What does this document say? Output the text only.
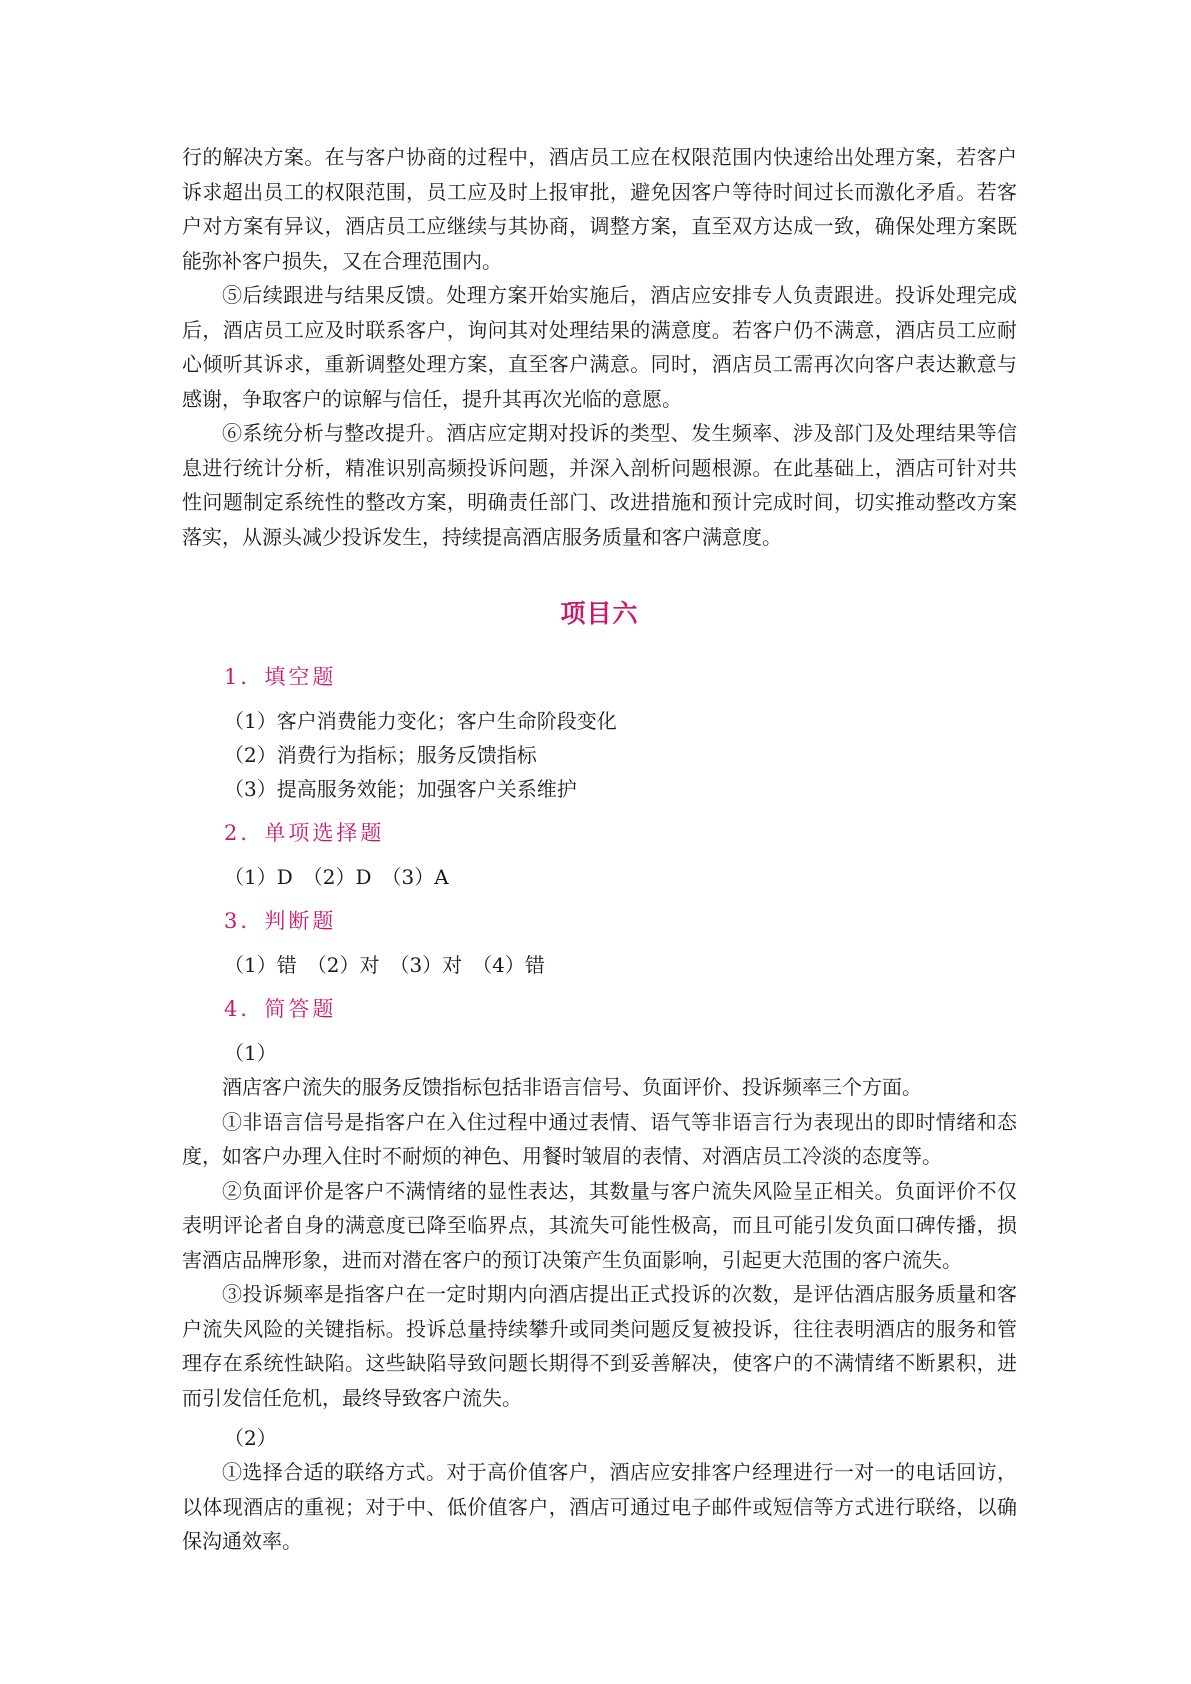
行的解决方案。在与客户协商的过程中，酒店员工应在权限范围内快速给出处理方案，若客户诉求超出员工的权限范围，员工应及时上报审批，避免因客户等待时间过长而激化矛盾。若客户对方案有异议，酒店员工应继续与其协商，调整方案，直至双方达成一致，确保处理方案既能弥补客户损失，又在合理范围内。

⑤后续跟进与结果反馈。处理方案开始实施后，酒店应安排专人负责跟进。投诉处理完成后，酒店员工应及时联系客户，询问其对处理结果的满意度。若客户仍不满意，酒店员工应耐心倾听其诉求，重新调整处理方案，直至客户满意。同时，酒店员工需再次向客户表达歉意与感谢，争取客户的谅解与信任，提升其再次光临的意愿。

⑥系统分析与整改提升。酒店应定期对投诉的类型、发生频率、涉及部门及处理结果等信息进行统计分析，精准识别高频投诉问题，并深入剖析问题根源。在此基础上，酒店可针对共性问题制定系统性的整改方案，明确责任部门、改进措施和预计完成时间，切实推动整改方案落实，从源头减少投诉发生，持续提高酒店服务质量和客户满意度。

项目六
1．填空题
（1）客户消费能力变化；客户生命阶段变化
（2）消费行为指标；服务反馈指标
（3）提高服务效能；加强客户关系维护
2．单项选择题
（1）D　（2）D　（3）A
3．判断题
（1）错　（2）对　（3）对　（4）错
4．简答题
（1）

酒店客户流失的服务反馈指标包括非语言信号、负面评价、投诉频率三个方面。

①非语言信号是指客户在入住过程中通过表情、语气等非语言行为表现出的即时情绪和态度，如客户办理入住时不耐烦的神色、用餐时皱眉的表情、对酒店员工冷淡的态度等。

②负面评价是客户不满情绪的显性表达，其数量与客户流失风险呈正相关。负面评价不仅表明评论者自身的满意度已降至临界点，其流失可能性极高，而且可能引发负面口碑传播，损害酒店品牌形象，进而对潜在客户的预订决策产生负面影响，引起更大范围的客户流失。

③投诉频率是指客户在一定时期内向酒店提出正式投诉的次数，是评估酒店服务质量和客户流失风险的关键指标。投诉总量持续攀升或同类问题反复被投诉，往往表明酒店的服务和管理存在系统性缺陷。这些缺陷导致问题长期得不到妥善解决，使客户的不满情绪不断累积，进而引发信任危机，最终导致客户流失。

（2）

①选择合适的联络方式。对于高价值客户，酒店应安排客户经理进行一对一的电话回访，以体现酒店的重视；对于中、低价值客户，酒店可通过电子邮件或短信等方式进行联络，以确保沟通效率。
